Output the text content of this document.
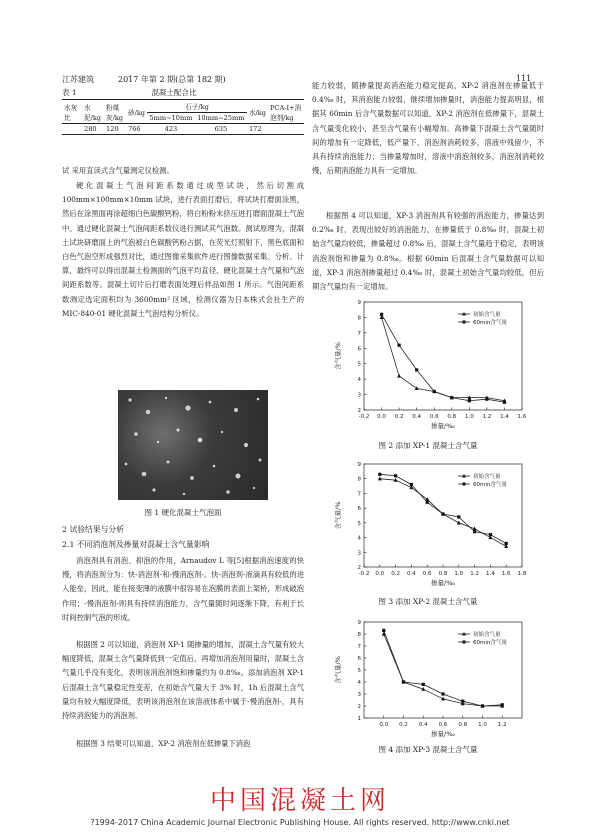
江苏建筑	2017 年第 2 期(总第 182 期)	111
表 1	混凝土配合比
水灰比	水泥/kg	粉煤灰/kg	砂/kg	石子/kg		水/kg	PCA-Ⅰ+消泡剂/kg
				5mm~10mm	10mm~25mm		
	280	120	766	423	635	172	
试 采用直读式含气量测定仪检测。
硬化混凝土气泡间距系数通过成型试块，然后切割成 100mm×100mm×10mm 试块，进行表面打磨后，将试块打磨面涂黑，然后在涂黑面再涂超细白色碳酸钙粉，将白粉粉末挤压进打磨面混凝土气泡中。通过硬化混凝土气泡间距系数仪进行测试其气泡数。测试原理为，混凝土试块研磨面上的气泡被白色碳酸钙粉占据，在荧光灯照射下，黑色底面和白色气泡空形成强烈对比，通过图像采集软件进行图像数据采集、分析、计算，最终可以得出混凝土检测面的气泡平均直径、硬化混凝土含气量和气泡间距系数等。混凝土切片后打磨表面处理后样品如图 1 所示。气泡间距系数测定选定面积均为 3600mm² 区域，检测仪器为日本株式会社生产的 MIC-840-01 硬化混凝土气泡结构分析仪。
图 1 硬化混凝土气泡面
2 试验结果与分析
2.1 不同消泡剂及掺量对混凝土含气量影响
消泡剂具有消泡、抑泡的作用，Arnaudov L 等[5]根据消泡速度的快慢，将消泡剂分为：快-消泡剂-和-慢消泡剂-。快-消泡剂-液滴具有较低的进入能垒，因此，能在接变薄的液膜中很容易在泡膜的表面上架桥，形成破泡作用；-慢消泡剂-则具有持续消泡能力，含气量随时间逐渐下降，有利于长时间控制气泡的形成。
根据图 2 可以知道，消泡剂 XP-1 随掺量的增加，混凝土含气量有较大幅度降低，混凝土含气量降低到一定值后，再增加消泡剂用量时，混凝土含气量几乎没有变化，表明该消泡剂饱和掺量约为 0.8‰。添加消泡剂 XP-1 后混凝土含气量稳定性变差，在初始含气量大于 3% 时，1h 后混凝土含气量均有较大幅度降低，表明该消泡剂在该溶液体系中属于-慢消泡剂-，具有持续消泡能力的消泡剂。
根据图 3 结果可以知道，XP-2 消泡剂在低掺量下消泡
能力较弱，随掺量提高消泡能力稳定提高，XP-2 消泡剂在掺量低于 0.4‰ 时，其消泡能力较弱，继续增加掺量时，消泡能力提高明显，根据其 60min 后含气量数据可以知道，XP-2 消泡剂在低掺量下，混凝土含气量变化较小，甚至含气量有小幅增加。高掺量下混凝土含气量随时间的增加有一定降低，低产量下，消泡剂消耗较多，溶液中残留少，不具有持续消泡能力；当掺量增加时，溶液中消泡剂较多，消泡剂消耗较慢，后期消泡能力具有一定增加。
根据图 4 可以知道，XP-3 消泡剂具有较强的消泡能力，掺量达到 0.2‰ 时，表现出较好的消泡能力，在掺量低于 0.8‰ 时，混凝土初始含气量均较低，掺量超过 0.8‰ 后，混凝土含气量趋于稳定，表明该消泡剂饱和掺量为 0.8‰。根据 60min 后混凝土含气量数据可以知道，XP-3 消泡剂掺量超过 0.4‰ 时，混凝土初始含气量均较低，但后期含气量均有一定增加。
-0.2 0.0 0.2 0.4 0.6 0.8 1.0 1.2 1.4 1.6
2
3
4
5
6
7
8
9
掺量/‰
含气量/%
初始含气量
60min含气量
图 2 添加 XP-1 混凝土含气量
-0.2 0.0 0.2 0.4 0.6 0.8 1.0 1.2 1.4 1.6 1.8
2
3
4
5
6
7
8
9
掺量/‰
含气量/%
初始含气量
60min含气量
图 3 添加 XP-2 混凝土含气量
0.0 0.2 0.4 0.6 0.8 1.0 1.2
1
2
3
4
5
6
7
8
9
掺量/‰
含气量/%
初始含气量
60min含气量
图 4 添加 XP-3 混凝土含气量
中国混凝土网
?1994-2017 China Academic Journal Electronic Publishing House. All rights reserved. http://www.cnki.net
